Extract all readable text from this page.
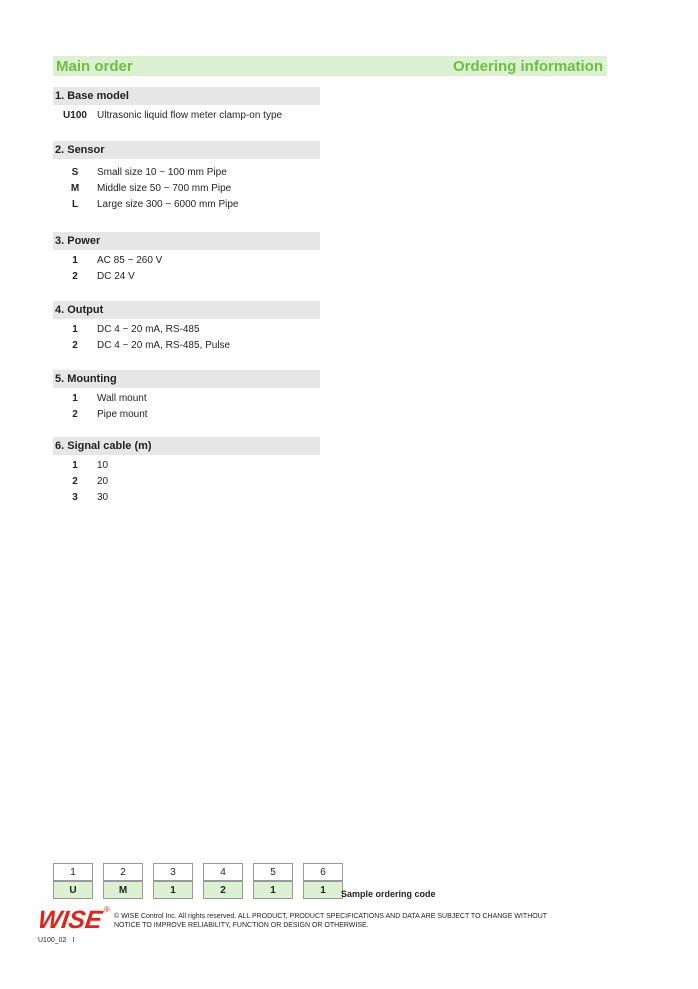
Main order	Ordering information
1. Base model
U100	Ultrasonic liquid flow meter clamp-on type
2. Sensor
S	Small size 10 ~ 100 mm Pipe
M	Middle size 50 ~ 700 mm Pipe
L	Large size 300 ~ 6000 mm Pipe
3. Power
1	AC 85 ~ 260 V
2	DC 24 V
4. Output
1	DC 4 ~ 20 mA, RS-485
2	DC 4 ~ 20 mA, RS-485, Pulse
5. Mounting
1	Wall mount
2	Pipe mount
6. Signal cable (m)
1	10
2	20
3	30
1	2	3	4	5	6
U	M	1	2	1	1 Sample ordering code
WISE ®
© WISE Control Inc. All rights reserved. ALL PRODUCT, PRODUCT SPECIFICATIONS AND DATA ARE SUBJECT TO CHANGE WITHOUT
NOTICE TO IMPROVE RELIABILITY, FUNCTION OR DESIGN OR OTHERWISE.
U100_02 I
